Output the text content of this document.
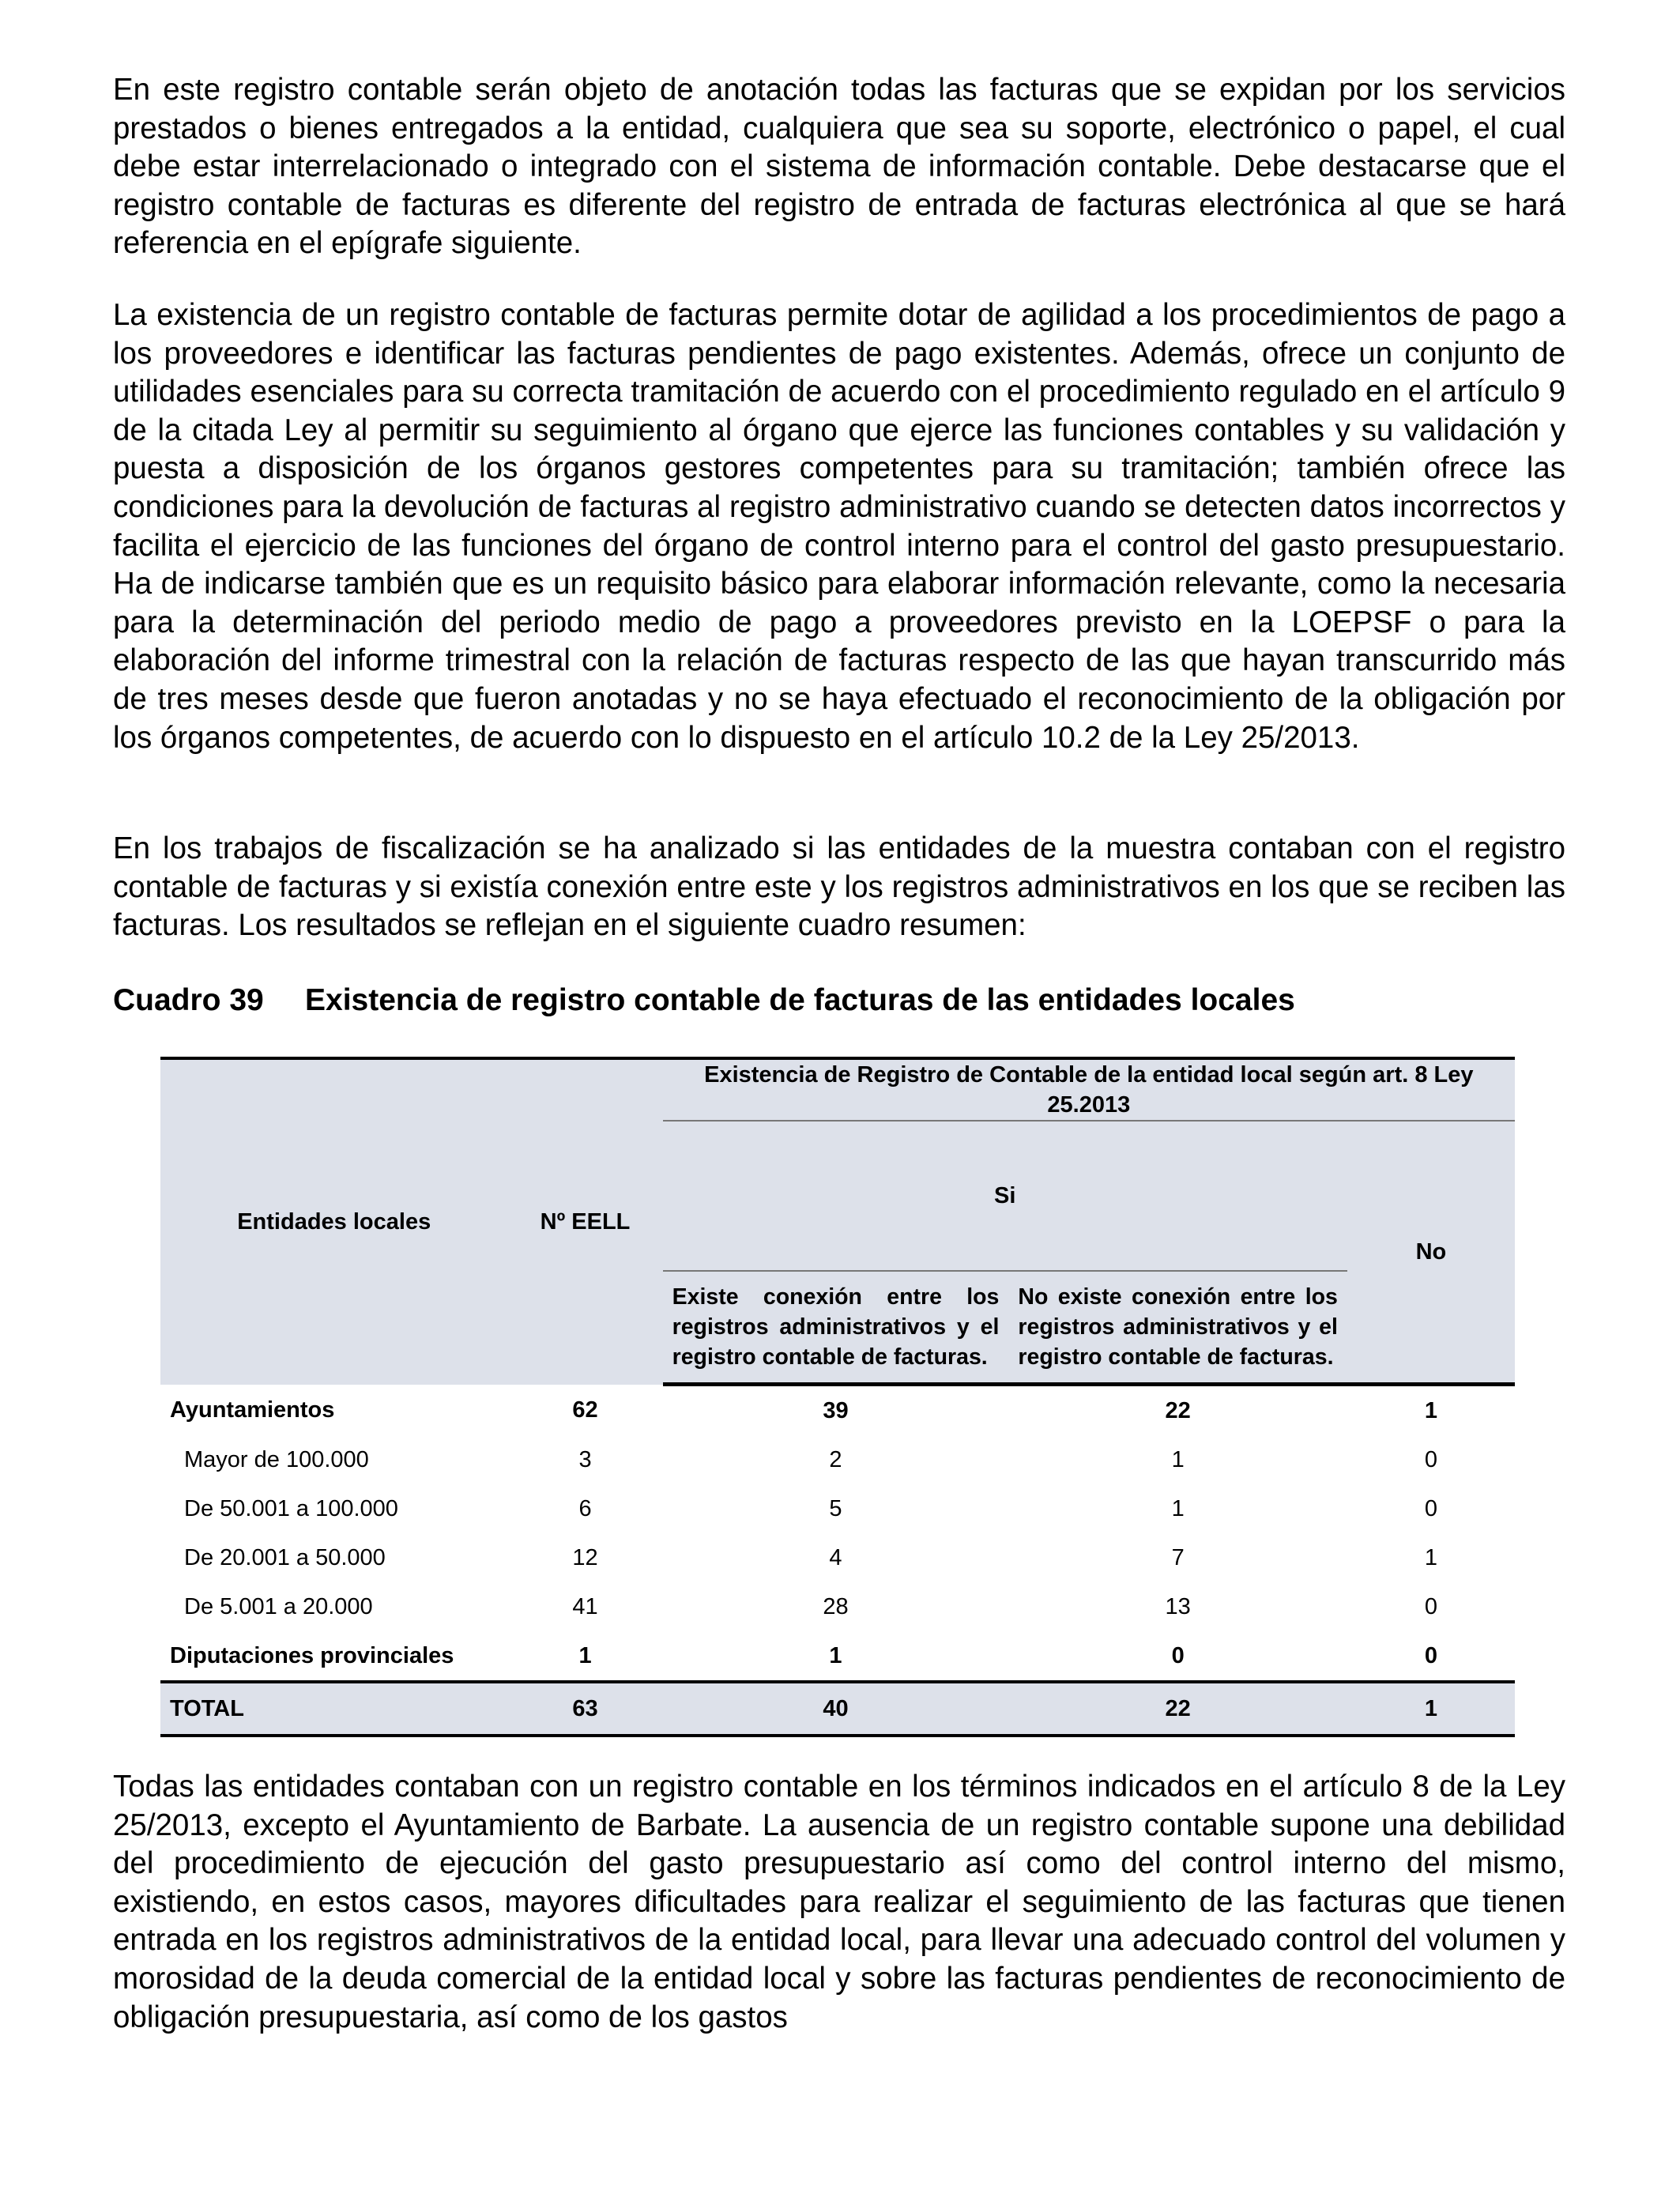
En este registro contable serán objeto de anotación todas las facturas que se expidan por los servicios prestados o bienes entregados a la entidad, cualquiera que sea su soporte, electrónico o papel, el cual debe estar interrelacionado o integrado con el sistema de información contable. Debe destacarse que el registro contable de facturas es diferente del registro de entrada de facturas electrónica al que se hará referencia en el epígrafe siguiente.

La existencia de un registro contable de facturas permite dotar de agilidad a los procedimientos de pago a los proveedores e identificar las facturas pendientes de pago existentes. Además, ofrece un conjunto de utilidades esenciales para su correcta tramitación de acuerdo con el procedimiento regulado en el artículo 9 de la citada Ley al permitir su seguimiento al órgano que ejerce las funciones contables y su validación y puesta a disposición de los órganos gestores competentes para su tramitación; también ofrece las condiciones para la devolución de facturas al registro administrativo cuando se detecten datos incorrectos y facilita el ejercicio de las funciones del órgano de control interno para el control del gasto presupuestario. Ha de indicarse también que es un requisito básico para elaborar información relevante, como la necesaria para la determinación del periodo medio de pago a proveedores previsto en la LOEPSF o para la elaboración del informe trimestral con la relación de facturas respecto de las que hayan transcurrido más de tres meses desde que fueron anotadas y no se haya efectuado el reconocimiento de la obligación por los órganos competentes, de acuerdo con lo dispuesto en el artículo 10.2 de la Ley 25/2013.

En los trabajos de fiscalización se ha analizado si las entidades de la muestra contaban con el registro contable de facturas y si existía conexión entre este y los registros administrativos en los que se reciben las facturas. Los resultados se reflejan en el siguiente cuadro resumen:

Cuadro 39 Existencia de registro contable de facturas de las entidades locales
Entidades locales	Nº EELL	Existencia de Registro de Contable de la entidad local según art. 8 Ley 25.2013		
		Si		No
		Existe conexión entre los registros administrativos y el registro contable de facturas.	No existe conexión entre los registros administrativos y el registro contable de facturas.	
Ayuntamientos	62	39	22	1
Mayor de 100.000	3	2	1	0
De 50.001 a 100.000	6	5	1	0
De 20.001 a 50.000	12	4	7	1
De 5.001 a 20.000	41	28	13	0
Diputaciones provinciales	1	1	0	0
TOTAL	63	40	22	1

Todas las entidades contaban con un registro contable en los términos indicados en el artículo 8 de la Ley 25/2013, excepto el Ayuntamiento de Barbate. La ausencia de un registro contable supone una debilidad del procedimiento de ejecución del gasto presupuestario así como del control interno del mismo, existiendo, en estos casos, mayores dificultades para realizar el seguimiento de las facturas que tienen entrada en los registros administrativos de la entidad local, para llevar una adecuado control del volumen y morosidad de la deuda comercial de la entidad local y sobre las facturas pendientes de reconocimiento de obligación presupuestaria, así como de los gastos
